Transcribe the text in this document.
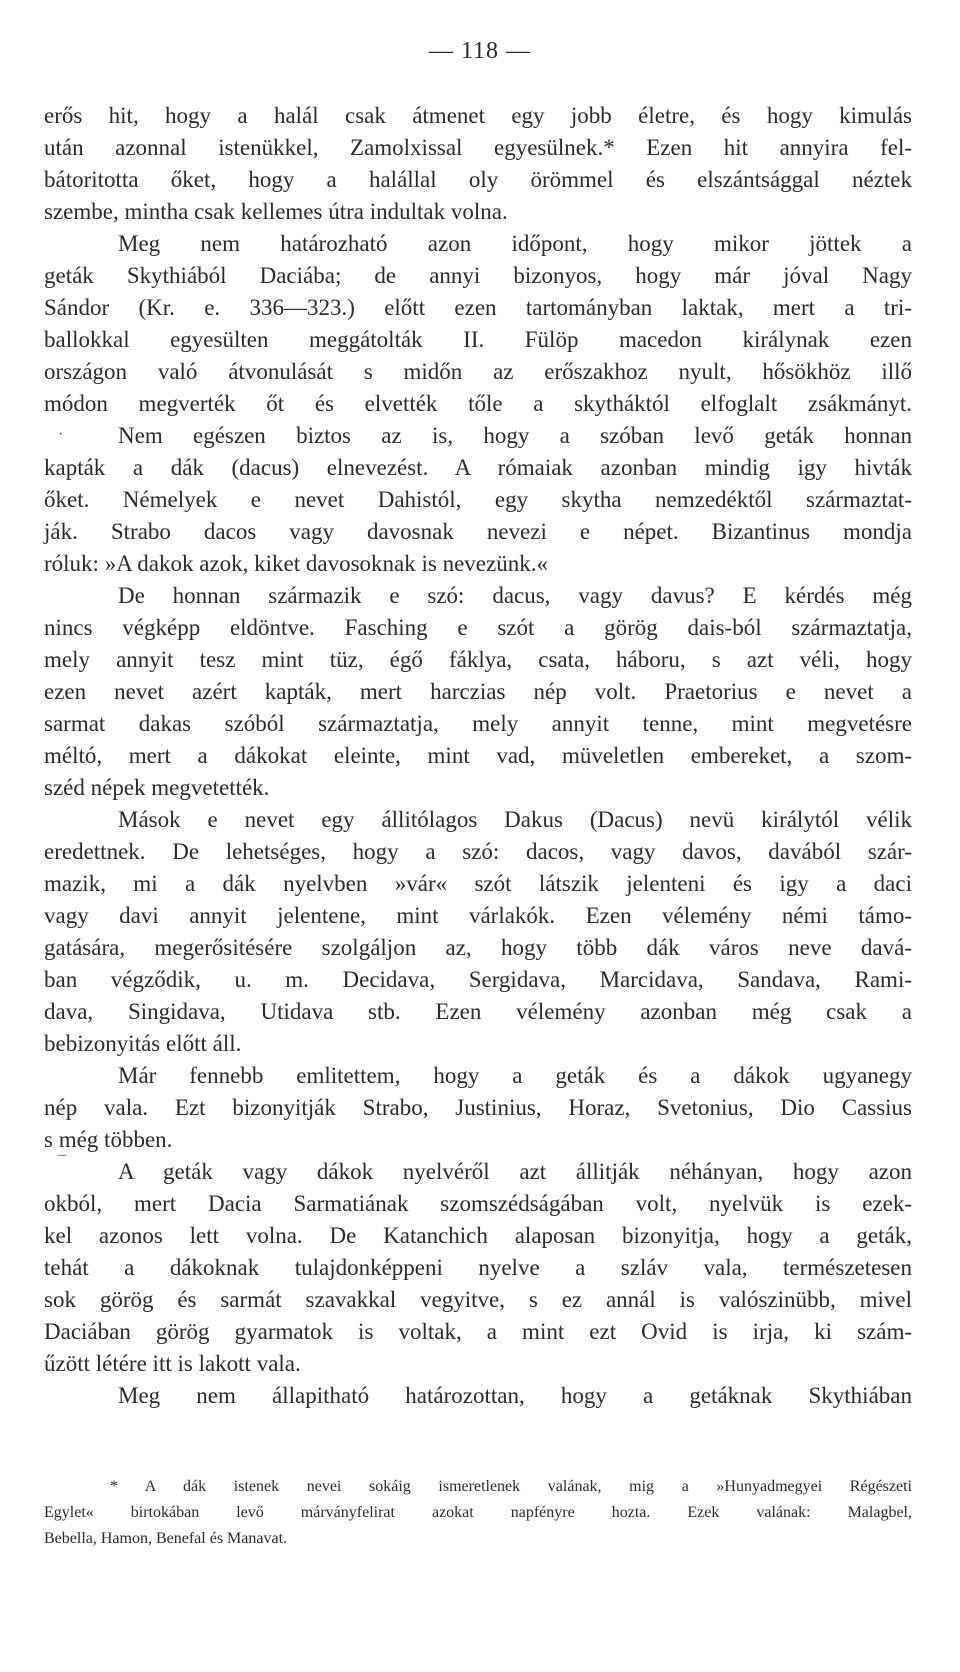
— 118 —
erős hit, hogy a halál csak átmenet egy jobb életre, és hogy kimulás
után azonnal istenükkel, Zamolxissal egyesülnek.* Ezen hit annyira fel-
bátoritotta őket, hogy a halállal oly örömmel és elszántsággal néztek
szembe, mintha csak kellemes útra indultak volna.
Meg nem határozható azon időpont, hogy mikor jöttek a
geták Skythiából Daciába; de annyi bizonyos, hogy már jóval Nagy
Sándor (Kr. e. 336—323.) előtt ezen tartományban laktak, mert a tri-
ballokkal egyesülten meggátolták II. Fülöp macedon királynak ezen
országon való átvonulását s midőn az erőszakhoz nyult, hősökhöz illő
módon megverték őt és elvették tőle a skytháktól elfoglalt zsákmányt.
· Nem egészen biztos az is, hogy a szóban levő geták honnan
kapták a dák (dacus) elnevezést. A rómaiak azonban mindig igy hivták
őket. Némelyek e nevet Dahistól, egy skytha nemzedéktől származtat-
ják. Strabo dacos vagy davosnak nevezi e népet. Bizantinus mondja
róluk: »A dakok azok, kiket davosoknak is nevezünk.«
De honnan származik e szó: dacus, vagy davus? E kérdés még
nincs végképp eldöntve. Fasching e szót a görög dais-ból származtatja,
mely annyit tesz mint tüz, égő fáklya, csata, háboru, s azt véli, hogy
ezen nevet azért kapták, mert harczias nép volt. Praetorius e nevet a
sarmat dakas szóból származtatja, mely annyit tenne, mint megvetésre
méltó, mert a dákokat eleinte, mint vad, müveletlen embereket, a szom-
széd népek megvetették.
Mások e nevet egy állitólagos Dakus (Dacus) nevü királytól vélik
eredettnek. De lehetséges, hogy a szó: dacos, vagy davos, davából szár-
mazik, mi a dák nyelvben »vár« szót látszik jelenteni és igy a daci
vagy davi annyit jelentene, mint várlakók. Ezen vélemény némi támo-
gatására, megerősitésére szolgáljon az, hogy több dák város neve davá-
ban végződik, u. m. Decidava, Sergidava, Marcidava, Sandava, Rami-
dava, Singidava, Utidava stb. Ezen vélemény azonban még csak a
bebizonyitás előtt áll.
Már fennebb emlitettem, hogy a geták és a dákok ugyanegy
nép vala. Ezt bizonyitják Strabo, Justinius, Horaz, Svetonius, Dio Cassius
s még többen.
¯ A geták vagy dákok nyelvéről azt állitják néhányan, hogy azon
okból, mert Dacia Sarmatiának szomszédságában volt, nyelvük is ezek-
kel azonos lett volna. De Katanchich alaposan bizonyitja, hogy a geták,
tehát a dákoknak tulajdonképpeni nyelve a szláv vala, természetesen
sok görög és sarmát szavakkal vegyitve, s ez annál is valószinübb, mivel
Daciában görög gyarmatok is voltak, a mint ezt Ovid is irja, ki szám-
űzött létére itt is lakott vala.
Meg nem állapitható határozottan, hogy a getáknak Skythiában
* A dák istenek nevei sokáig ismeretlenek valának, mig a »Hunyadmegyei Régészeti
Egylet« birtokában levő márványfelirat azokat napfényre hozta. Ezek valának: Malagbel,
Bebella, Hamon, Benefal és Manavat.
